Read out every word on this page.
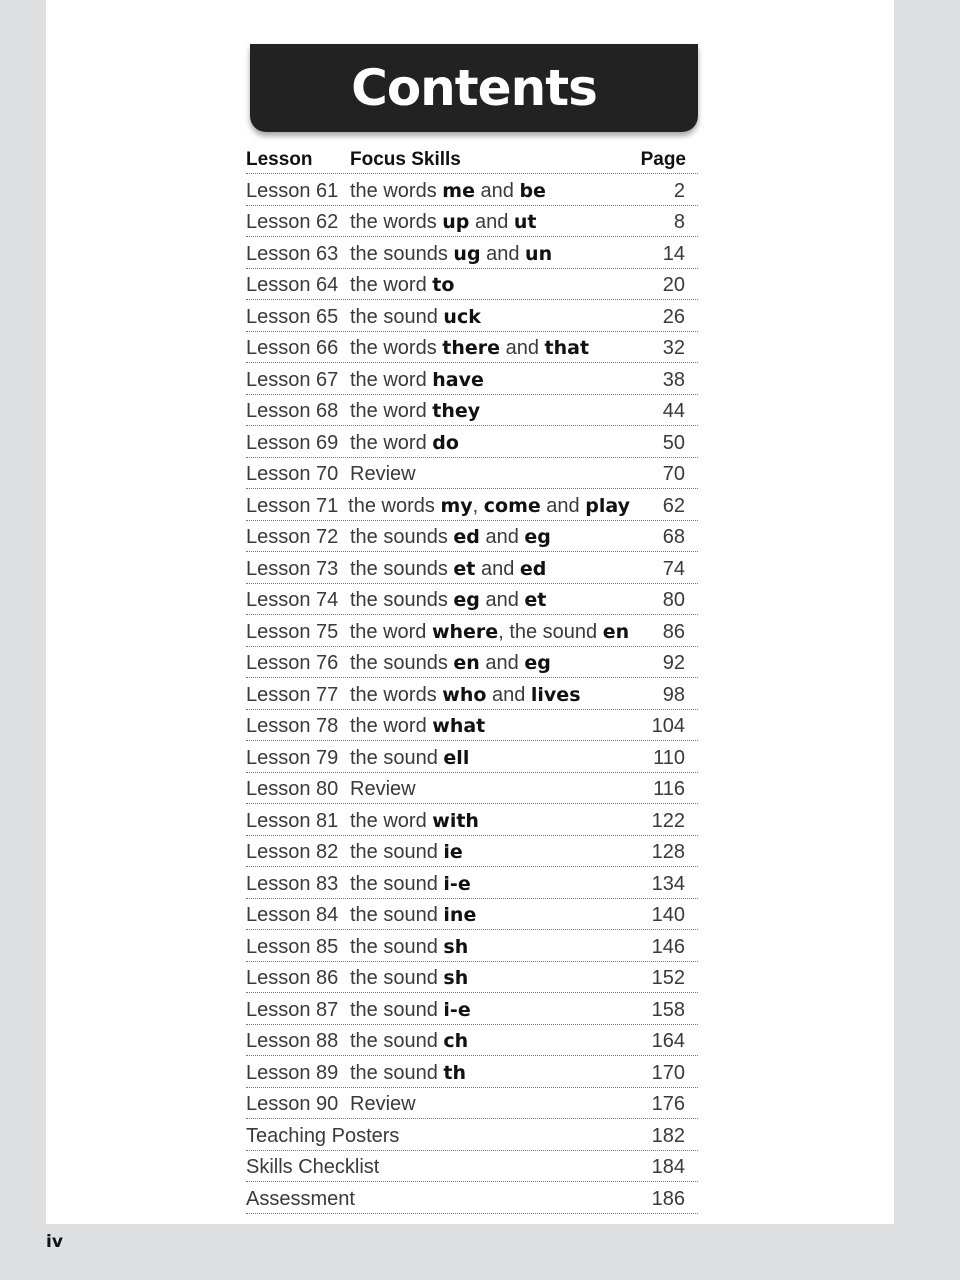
Contents
Lesson	Focus Skills	Page
Lesson 61 the words me and be	2
Lesson 62 the words up and ut	8
Lesson 63 the sounds ug and un	14
Lesson 64 the word to	20
Lesson 65 the sound uck	26
Lesson 66 the words there and that	32
Lesson 67 the word have	38
Lesson 68 the word they	44
Lesson 69 the word do	50
Lesson 70 Review	70
Lesson 71 the words my, come and play	62
Lesson 72 the sounds ed and eg	68
Lesson 73 the sounds et and ed	74
Lesson 74 the sounds eg and et	80
Lesson 75 the word where, the sound en	86
Lesson 76 the sounds en and eg	92
Lesson 77 the words who and lives	98
Lesson 78 the word what	104
Lesson 79 the sound ell	110
Lesson 80 Review	116
Lesson 81 the word with	122
Lesson 82 the sound ie	128
Lesson 83 the sound i-e	134
Lesson 84 the sound ine	140
Lesson 85 the sound sh	146
Lesson 86 the sound sh	152
Lesson 87 the sound i-e	158
Lesson 88 the sound ch	164
Lesson 89 the sound th	170
Lesson 90 Review	176
Teaching Posters	182
Skills Checklist	184
Assessment	186
iv
